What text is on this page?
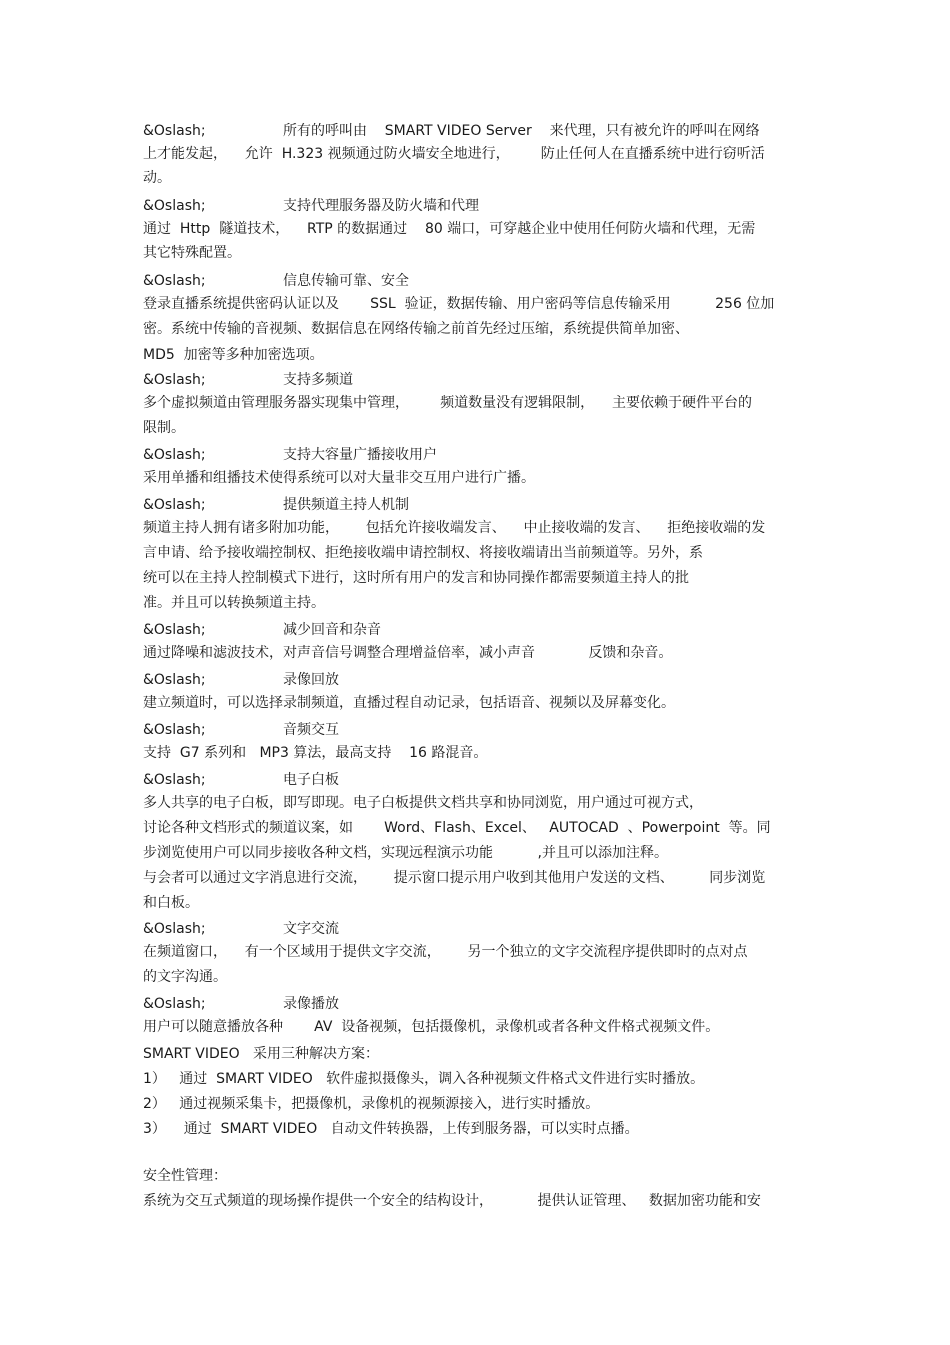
&Oslash;	所有的呼叫由    SMART VIDEO Server    来代理，只有被允许的呼叫在网络

上才能发起，    允许  H.323 视频通过防火墙安全地进行，       防止任何人在直播系统中进行窃听活

动。

&Oslash;	支持代理服务器及防火墙和代理

通过  Http  隧道技术，    RTP 的数据通过    80 端口，可穿越企业中使用任何防火墙和代理，无需

其它特殊配置。

&Oslash;	信息传输可靠、安全

登录直播系统提供密码认证以及       SSL  验证，数据传输、用户密码等信息传输采用          256 位加

密。系统中传输的音视频、数据信息在网络传输之前首先经过压缩，系统提供简单加密、

MD5  加密等多种加密选项。

&Oslash;	支持多频道

多个虚拟频道由管理服务器实现集中管理，       频道数量没有逻辑限制，    主要依赖于硬件平台的

限制。

&Oslash;	支持大容量广播接收用户

采用单播和组播技术使得系统可以对大量非交互用户进行广播。

&Oslash;	提供频道主持人机制

频道主持人拥有诸多附加功能，      包括允许接收端发言、    中止接收端的发言、    拒绝接收端的发

言申请、给予接收端控制权、拒绝接收端申请控制权、将接收端请出当前频道等。另外，系

统可以在主持人控制模式下进行，这时所有用户的发言和协同操作都需要频道主持人的批

准。并且可以转换频道主持。

&Oslash;	减少回音和杂音

通过降噪和滤波技术，对声音信号调整合理增益倍率，减小声音            反馈和杂音。

&Oslash;	录像回放

建立频道时，可以选择录制频道，直播过程自动记录，包括语音、视频以及屏幕变化。

&Oslash;	音频交互

支持  G7 系列和   MP3 算法，最高支持    16 路混音。

&Oslash;	电子白板

多人共享的电子白板，即写即现。电子白板提供文档共享和协同浏览，用户通过可视方式，

讨论各种文档形式的频道议案，如       Word、Flash、Excel、   AUTOCAD  、Powerpoint  等。同

步浏览使用户可以同步接收各种文档，实现远程演示功能          ,并且可以添加注释。

与会者可以通过文字消息进行交流，      提示窗口提示用户收到其他用户发送的文档、        同步浏览

和白板。

&Oslash;	文字交流

在频道窗口，    有一个区域用于提供文字交流，      另一个独立的文字交流程序提供即时的点对点

的文字沟通。

&Oslash;	录像播放

用户可以随意播放各种       AV  设备视频，包括摄像机，录像机或者各种文件格式视频文件。

SMART VIDEO   采用三种解决方案：

1）   通过  SMART VIDEO   软件虚拟摄像头，调入各种视频文件格式文件进行实时播放。

2）   通过视频采集卡，把摄像机，录像机的视频源接入，进行实时播放。

3）    通过  SMART VIDEO   自动文件转换器，上传到服务器，可以实时点播。

安全性管理：

系统为交互式频道的现场操作提供一个安全的结构设计，          提供认证管理、   数据加密功能和安
